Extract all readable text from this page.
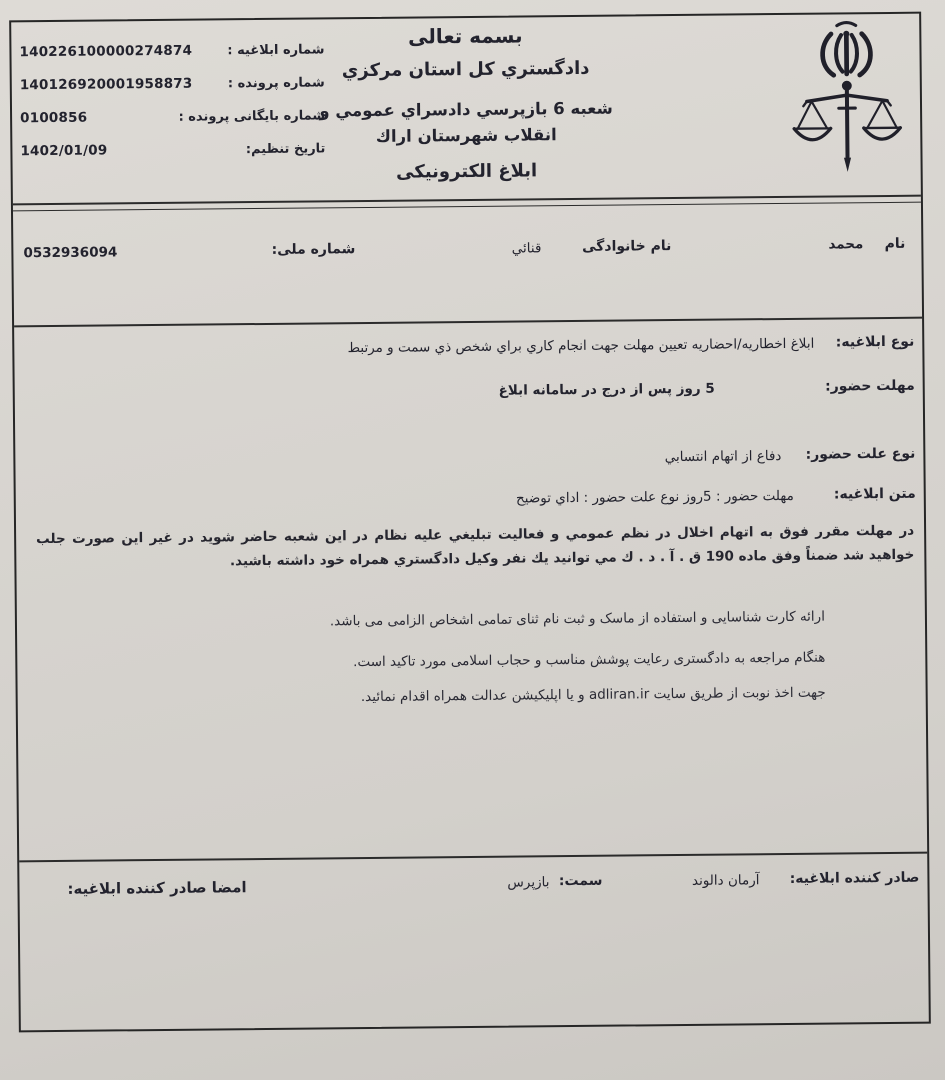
شماره ابلاغیه :
140226100000274874
شماره پرونده :
140126920001958873
شماره بایگانی پرونده :
0100856
تاریخ تنظیم:
1402/01/09
بسمه تعالی
دادگستري کل استان مرکزي
شعبه 6 بازپرسي دادسراي عمومي و
انقلاب شهرستان اراك
ابلاغ الکترونیکی
نام
محمد
نام خانوادگی
قنائي
شماره ملی:
0532936094
نوع ابلاغیه:
ابلاغ اخطاریه/احضاریه تعیین مهلت جهت انجام کاري براي شخص ذي سمت و مرتبط
مهلت حضور:
5 روز پس از درج در سامانه ابلاغ
نوع علت حضور:
دفاع از اتهام انتسابي
متن ابلاغیه:
مهلت حضور : 5روز نوع علت حضور : اداي توضیح
در مهلت مقرر فوق به اتهام اخلال در نظم عمومي و فعالیت تبلیغي علیه نظام در این شعبه حاضر شوید در غیر این صورت جلب خواهید شد ضمناً وفق ماده 190 ق . آ . د . ك مي توانید یك نفر وکیل دادگستري همراه خود داشته باشید.
ارائه کارت شناسایی و استفاده از ماسک و ثبت نام ثنای تمامی اشخاص الزامی می باشد.
هنگام مراجعه به دادگستری رعایت پوشش مناسب و حجاب اسلامی مورد تاکید است.
جهت اخذ نوبت از طریق سایت adliran.ir و یا اپلیکیشن عدالت همراه اقدام نمائید.
صادر کننده ابلاغیه:
آرمان دالوند
سمت:
بازپرس
امضا صادر کننده ابلاغیه:
